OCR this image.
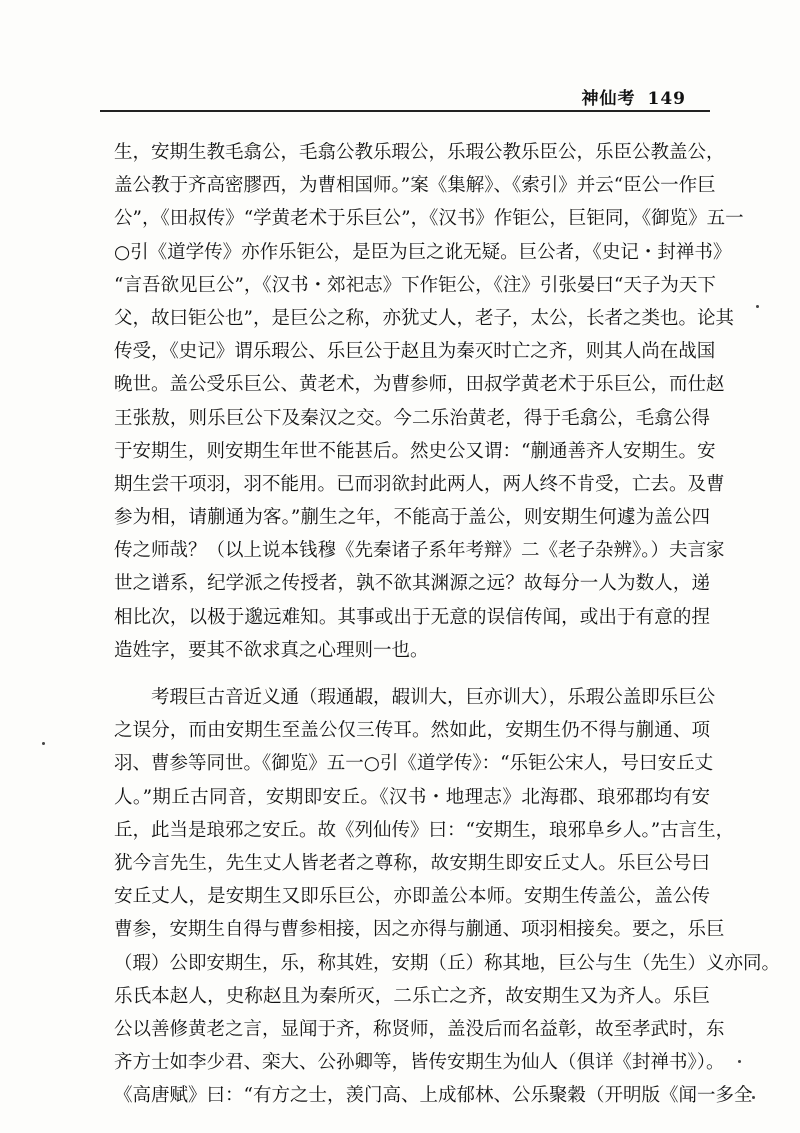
神仙考 149
生，安期生教毛翕公，毛翕公教乐瑕公，乐瑕公教乐臣公，乐臣公教盖公，
盖公教于齐高密膠西，为曹相国师。”案《集解》、《索引》并云“臣公一作巨
公”，《田叔传》“学黄老术于乐巨公”，《汉书》作钜公，巨钜同，《御览》五一
○引《道学传》亦作乐钜公，是臣为巨之讹无疑。巨公者，《史记・封禅书》
“言吾欲见巨公”，《汉书・郊祀志》下作钜公，《注》引张晏曰“天子为天下
父，故曰钜公也”，是巨公之称，亦犹丈人，老子，太公，长者之类也。论其
传受，《史记》谓乐瑕公、乐巨公于赵且为秦灭时亡之齐，则其人尚在战国
晚世。盖公受乐巨公、黄老术，为曹参师，田叔学黄老术于乐巨公，而仕赵
王张敖，则乐巨公下及秦汉之交。今二乐治黄老，得于毛翕公，毛翕公得
于安期生，则安期生年世不能甚后。然史公又谓：“蒯通善齐人安期生。安
期生尝干项羽，羽不能用。已而羽欲封此两人，两人终不肯受，亡去。及曹
参为相，请蒯通为客。”蒯生之年，不能高于盖公，则安期生何遽为盖公四
传之师哉？（以上说本钱穆《先秦诸子系年考辩》二《老子杂辨》。）夫言家
世之谱系，纪学派之传授者，孰不欲其渊源之远？故每分一人为数人，递
相比次，以极于邈远难知。其事或出于无意的误信传闻，或出于有意的捏
造姓字，要其不欲求真之心理则一也。
考瑕巨古音近义通（瑕通嘏，嘏训大，巨亦训大），乐瑕公盖即乐巨公
之误分，而由安期生至盖公仅三传耳。然如此，安期生仍不得与蒯通、项
羽、曹参等同世。《御览》五一○引《道学传》：“乐钜公宋人，号曰安丘丈
人。”期丘古同音，安期即安丘。《汉书・地理志》北海郡、琅邪郡均有安
丘，此当是琅邪之安丘。故《列仙传》曰：“安期生，琅邪阜乡人。”古言生，
犹今言先生，先生丈人皆老者之尊称，故安期生即安丘丈人。乐巨公号曰
安丘丈人，是安期生又即乐巨公，亦即盖公本师。安期生传盖公，盖公传
曹参，安期生自得与曹参相接，因之亦得与蒯通、项羽相接矣。要之，乐巨
（瑕）公即安期生，乐，称其姓，安期（丘）称其地，巨公与生（先生）义亦同。
乐氏本赵人，史称赵且为秦所灭，二乐亡之齐，故安期生又为齐人。乐巨
公以善修黄老之言，显闻于齐，称贤师，盖没后而名益彰，故至孝武时，东
齐方士如李少君、栾大、公孙卿等，皆传安期生为仙人（俱详《封禅书》）。
《高唐赋》曰：“有方之士，羡门高、上成郁林、公乐聚穀（开明版《闻一多全
